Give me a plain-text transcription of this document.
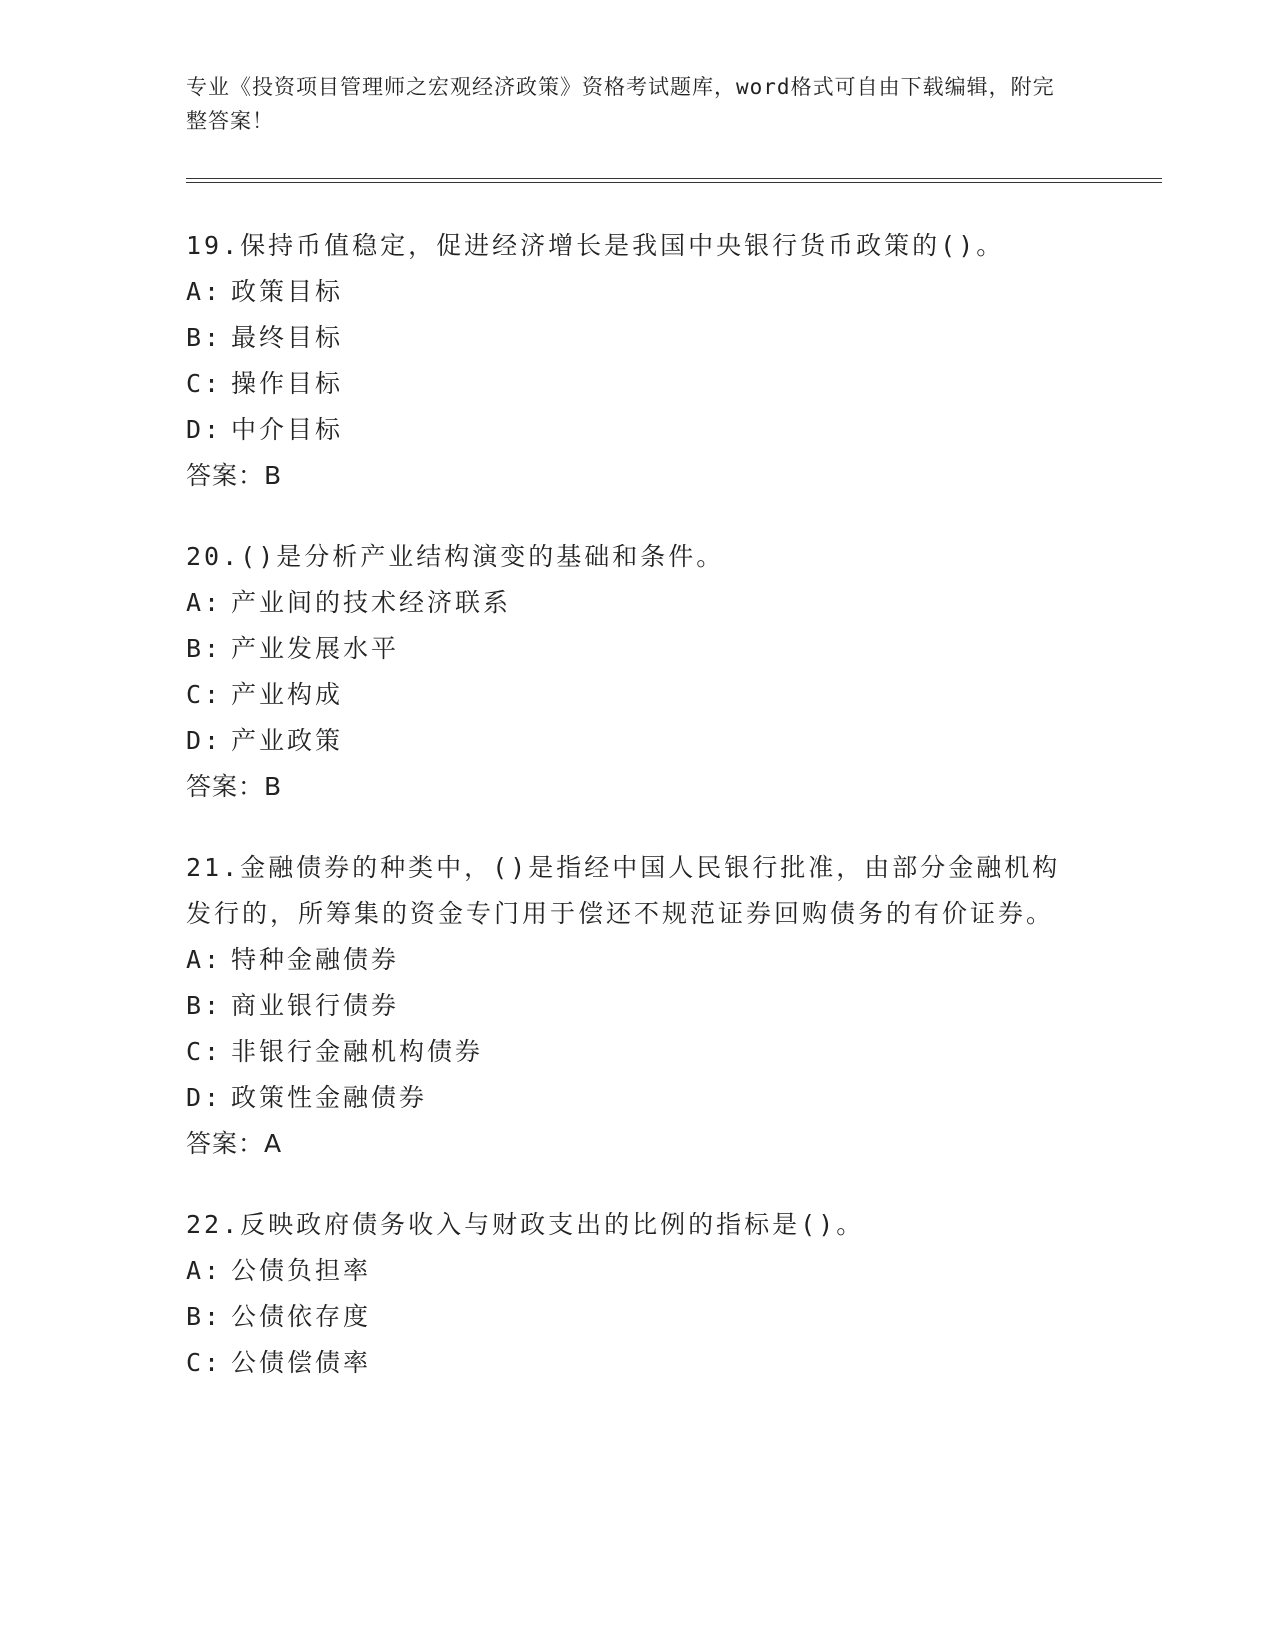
专业《投资项目管理师之宏观经济政策》资格考试题库，word格式可自由下载编辑，附完整答案！

19.保持币值稳定，促进经济增长是我国中央银行货币政策的()。

A: 政策目标

B: 最终目标

C: 操作目标

D: 中介目标

答案：B

20.()是分析产业结构演变的基础和条件。

A: 产业间的技术经济联系

B: 产业发展水平

C: 产业构成

D: 产业政策

答案：B

21.金融债券的种类中，()是指经中国人民银行批准，由部分金融机构发行的，所筹集的资金专门用于偿还不规范证券回购债务的有价证券。

A: 特种金融债券

B: 商业银行债券

C: 非银行金融机构债券

D: 政策性金融债券

答案：A

22.反映政府债务收入与财政支出的比例的指标是()。

A: 公债负担率

B: 公债依存度

C: 公债偿债率
